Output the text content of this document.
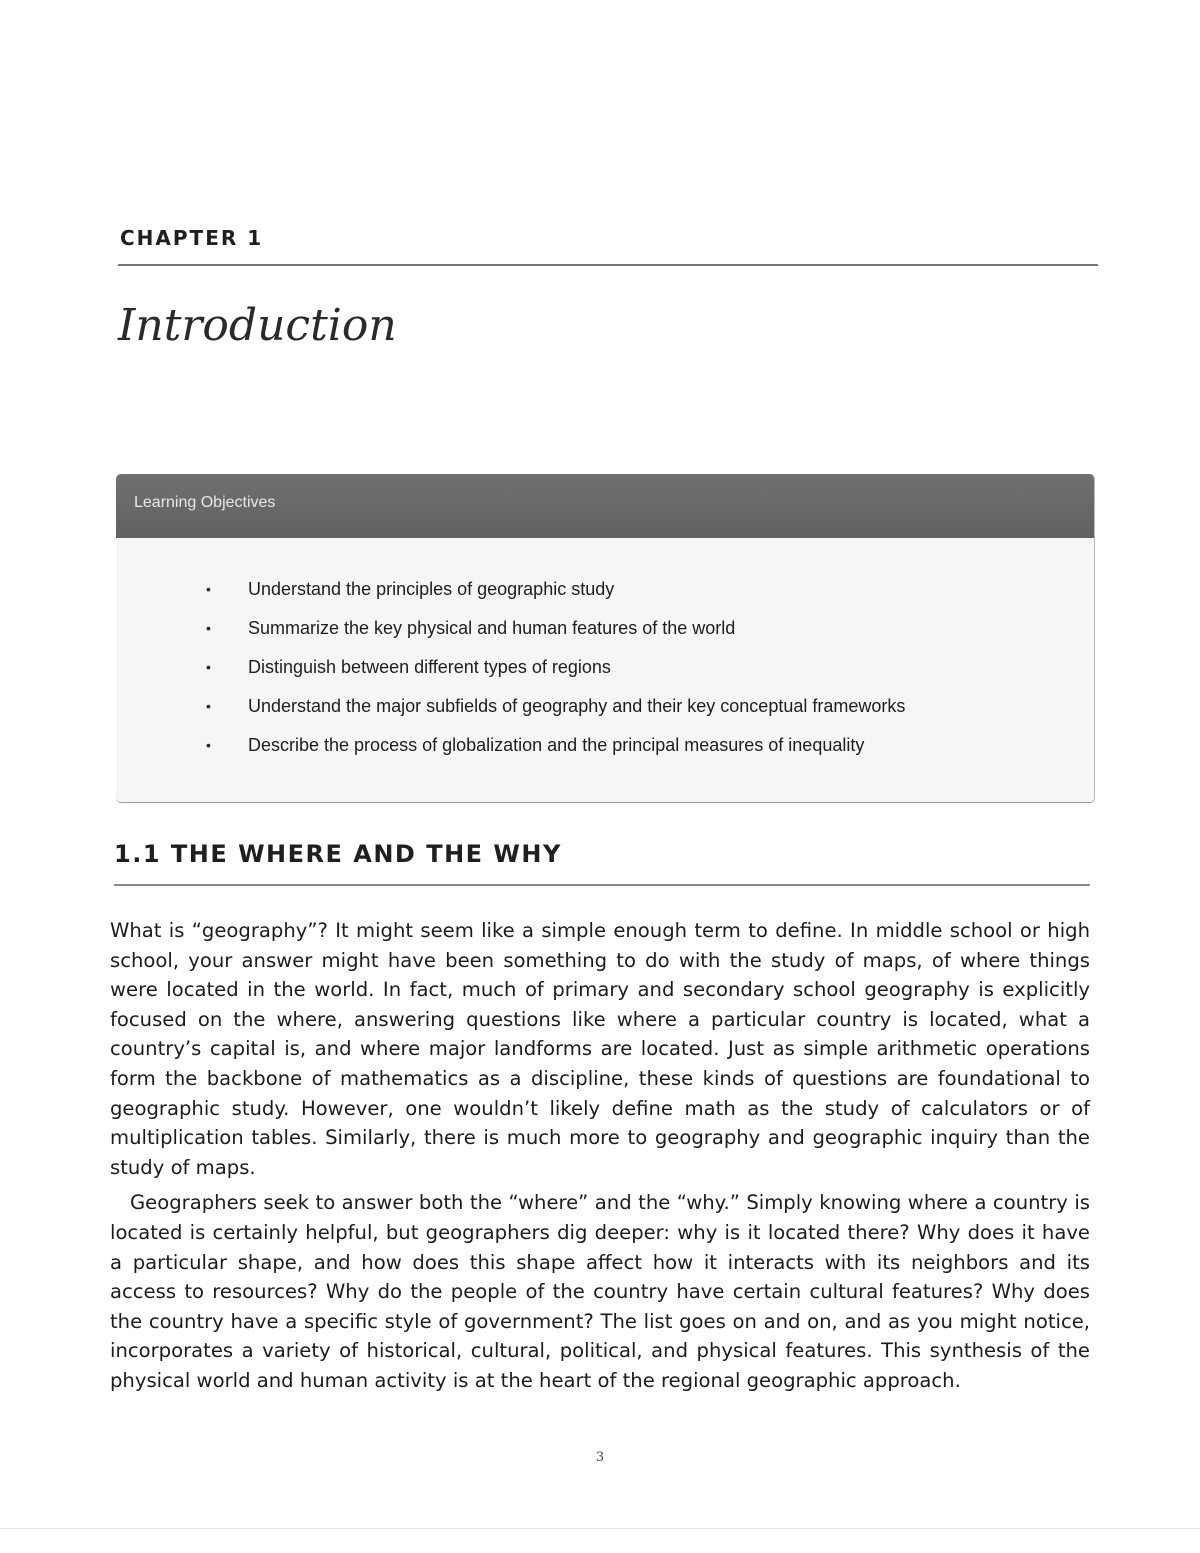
CHAPTER 1
Introduction
Learning Objectives
• Understand the principles of geographic study
• Summarize the key physical and human features of the world
• Distinguish between different types of regions
• Understand the major subfields of geography and their key conceptual frameworks
• Describe the process of globalization and the principal measures of inequality
1.1 THE WHERE AND THE WHY

What is “geography”? It might seem like a simple enough term to define. In middle school or high school, your answer might have been something to do with the study of maps, of where things were located in the world. In fact, much of primary and secondary school geography is explicitly focused on the where, answering questions like where a particular country is located, what a country’s capital is, and where major landforms are located. Just as simple arithmetic operations form the backbone of mathematics as a discipline, these kinds of questions are foundational to geographic study. However, one wouldn’t likely define math as the study of calculators or of multiplication tables. Similarly, there is much more to geography and geographic inquiry than the study of maps.

Geographers seek to answer both the “where” and the “why.” Simply knowing where a country is located is certainly helpful, but geographers dig deeper: why is it located there? Why does it have a particular shape, and how does this shape affect how it interacts with its neighbors and its access to resources? Why do the people of the country have certain cultural features? Why does the country have a specific style of government? The list goes on and on, and as you might notice, incorporates a variety of historical, cultural, political, and physical features. This synthesis of the physical world and human activity is at the heart of the regional geographic approach.

3
